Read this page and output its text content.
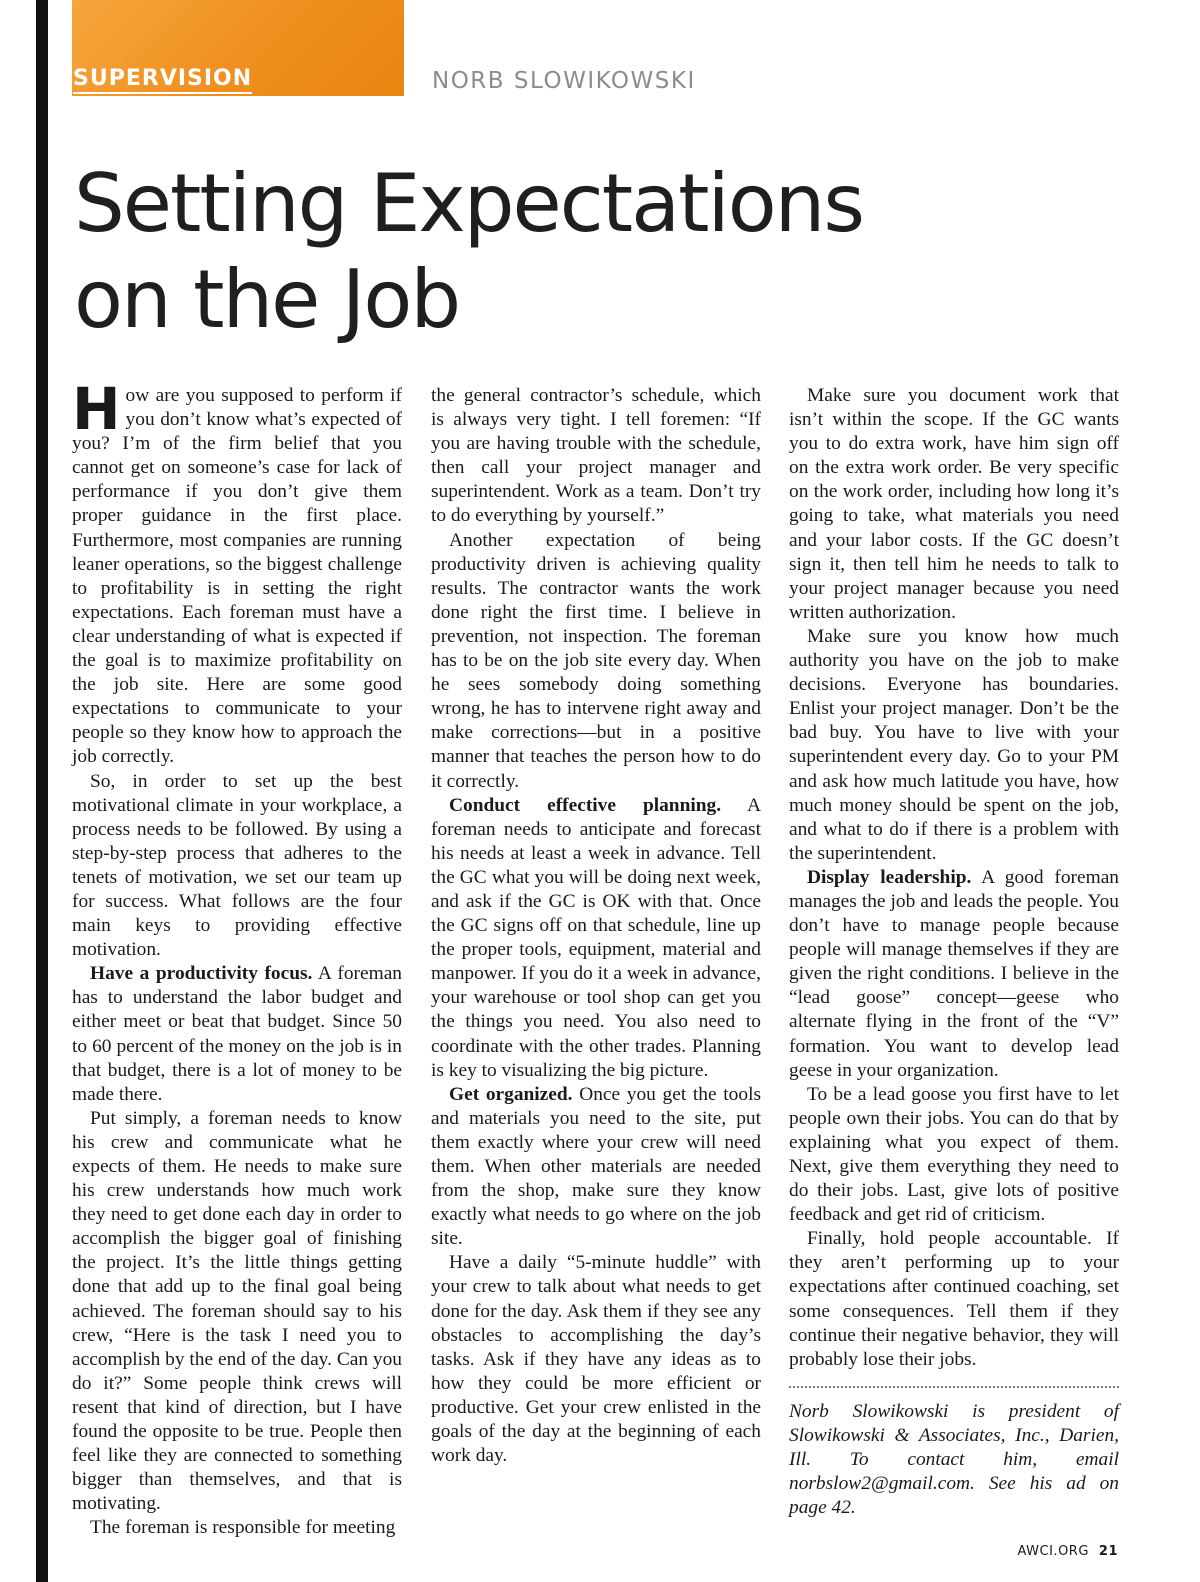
SUPERVISION	NORB SLOWIKOWSKI
Setting Expectations
on the Job

How are you supposed to perform if you don’t know what’s expected of you? I’m of the firm belief that you cannot get on someone’s case for lack of performance if you don’t give them proper guidance in the first place. Furthermore, most companies are running leaner operations, so the biggest challenge to profitability is in setting the right expectations. Each foreman must have a clear understanding of what is expected if the goal is to maximize profitability on the job site. Here are some good expectations to communicate to your people so they know how to approach the job correctly.

So, in order to set up the best motivational climate in your workplace, a process needs to be followed. By using a step-by-step process that adheres to the tenets of motivation, we set our team up for success. What follows are the four main keys to providing effective motivation.

Have a productivity focus. A foreman has to understand the labor budget and either meet or beat that budget. Since 50 to 60 percent of the money on the job is in that budget, there is a lot of money to be made there.

Put simply, a foreman needs to know his crew and communicate what he expects of them. He needs to make sure his crew understands how much work they need to get done each day in order to accomplish the bigger goal of finishing the project. It’s the little things getting done that add up to the final goal being achieved. The foreman should say to his crew, “Here is the task I need you to accomplish by the end of the day. Can you do it?” Some people think crews will resent that kind of direction, but I have found the opposite to be true. People then feel like they are connected to something bigger than themselves, and that is motivating.

The foreman is responsible for meeting

the general contractor’s schedule, which is always very tight. I tell foremen: “If you are having trouble with the schedule, then call your project manager and superintendent. Work as a team. Don’t try to do everything by yourself.”

Another expectation of being productivity driven is achieving quality results. The contractor wants the work done right the first time. I believe in prevention, not inspection. The foreman has to be on the job site every day. When he sees somebody doing something wrong, he has to intervene right away and make corrections—but in a positive manner that teaches the person how to do it correctly.

Conduct effective planning. A foreman needs to anticipate and forecast his needs at least a week in advance. Tell the GC what you will be doing next week, and ask if the GC is OK with that. Once the GC signs off on that schedule, line up the proper tools, equipment, material and manpower. If you do it a week in advance, your warehouse or tool shop can get you the things you need. You also need to coordinate with the other trades. Planning is key to visualizing the big picture.

Get organized. Once you get the tools and materials you need to the site, put them exactly where your crew will need them. When other materials are needed from the shop, make sure they know exactly what needs to go where on the job site.

Have a daily “5-minute huddle” with your crew to talk about what needs to get done for the day. Ask them if they see any obstacles to accomplishing the day’s tasks. Ask if they have any ideas as to how they could be more efficient or productive. Get your crew enlisted in the goals of the day at the beginning of each work day.

Make sure you document work that isn’t within the scope. If the GC wants you to do extra work, have him sign off on the extra work order. Be very specific on the work order, including how long it’s going to take, what materials you need and your labor costs. If the GC doesn’t sign it, then tell him he needs to talk to your project manager because you need written authorization.

Make sure you know how much authority you have on the job to make decisions. Everyone has boundaries. Enlist your project manager. Don’t be the bad buy. You have to live with your superintendent every day. Go to your PM and ask how much latitude you have, how much money should be spent on the job, and what to do if there is a problem with the superintendent.

Display leadership. A good foreman manages the job and leads the people. You don’t have to manage people because people will manage themselves if they are given the right conditions. I believe in the “lead goose” concept—geese who alternate flying in the front of the “V” formation. You want to develop lead geese in your organization.

To be a lead goose you first have to let people own their jobs. You can do that by explaining what you expect of them. Next, give them everything they need to do their jobs. Last, give lots of positive feedback and get rid of criticism.

Finally, hold people accountable. If they aren’t performing up to your expectations after continued coaching, set some consequences. Tell them if they continue their negative behavior, they will probably lose their jobs.

Norb Slowikowski is president of Slowikowski & Associates, Inc., Darien, Ill. To contact him, email norbslow2@gmail.com. See his ad on page 42.

AWCI.ORG 21
